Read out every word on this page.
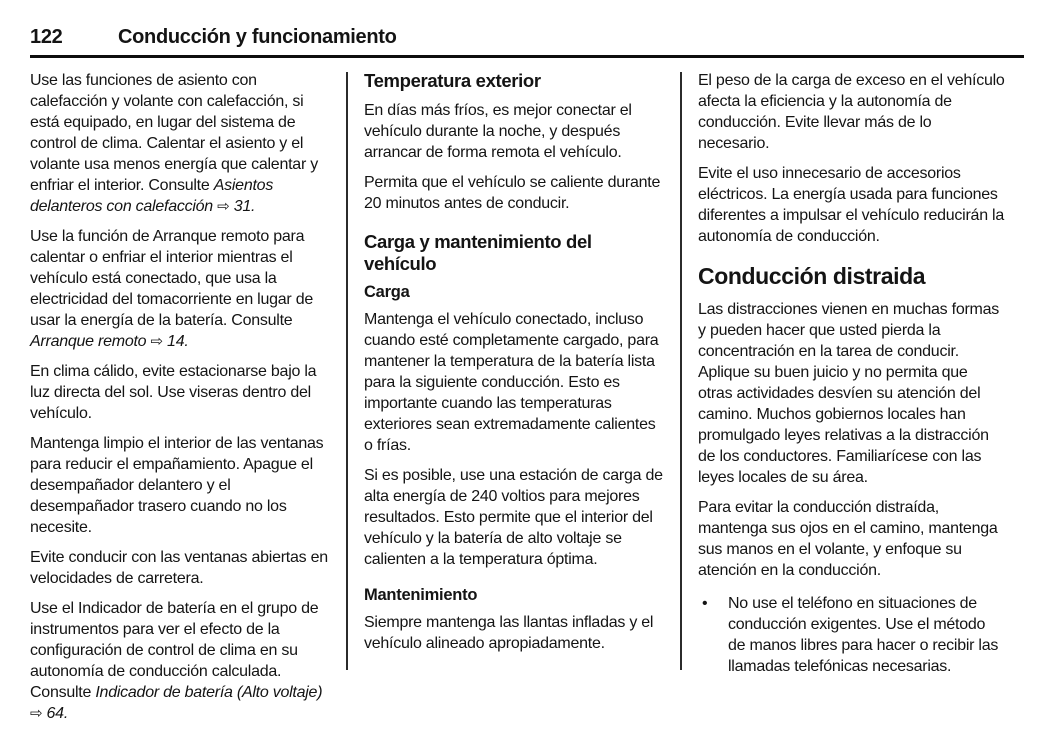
122	Conducción y funcionamiento

Use las funciones de asiento con calefacción y volante con calefacción, si está equipado, en lugar del sistema de control de clima. Calentar el asiento y el volante usa menos energía que calentar y enfriar el interior. Consulte Asientos delanteros con calefacción ⇨ 31.

Use la función de Arranque remoto para calentar o enfriar el interior mientras el vehículo está conectado, que usa la electricidad del tomacorriente en lugar de usar la energía de la batería. Consulte Arranque remoto ⇨ 14.

En clima cálido, evite estacionarse bajo la luz directa del sol. Use viseras dentro del vehículo.

Mantenga limpio el interior de las ventanas para reducir el empañamiento. Apague el desempañador delantero y el desempañador trasero cuando no los necesite.

Evite conducir con las ventanas abiertas en velocidades de carretera.

Use el Indicador de batería en el grupo de instrumentos para ver el efecto de la configuración de control de clima en su autonomía de conducción calculada. Consulte Indicador de batería (Alto voltaje) ⇨ 64.

Temperatura exterior

En días más fríos, es mejor conectar el vehículo durante la noche, y después arrancar de forma remota el vehículo.

Permita que el vehículo se caliente durante 20 minutos antes de conducir.

Carga y mantenimiento del vehículo
Carga

Mantenga el vehículo conectado, incluso cuando esté completamente cargado, para mantener la temperatura de la batería lista para la siguiente conducción. Esto es importante cuando las temperaturas exteriores sean extremadamente calientes o frías.

Si es posible, use una estación de carga de alta energía de 240 voltios para mejores resultados. Esto permite que el interior del vehículo y la batería de alto voltaje se calienten a la temperatura óptima.

Mantenimiento

Siempre mantenga las llantas infladas y el vehículo alineado apropiadamente.

El peso de la carga de exceso en el vehículo afecta la eficiencia y la autonomía de conducción. Evite llevar más de lo necesario.

Evite el uso innecesario de accesorios eléctricos. La energía usada para funciones diferentes a impulsar el vehículo reducirán la autonomía de conducción.

Conducción distraida

Las distracciones vienen en muchas formas y pueden hacer que usted pierda la concentración en la tarea de conducir. Aplique su buen juicio y no permita que otras actividades desvíen su atención del camino. Muchos gobiernos locales han promulgado leyes relativas a la distracción de los conductores. Familiarícese con las leyes locales de su área.

Para evitar la conducción distraída, mantenga sus ojos en el camino, mantenga sus manos en el volante, y enfoque su atención en la conducción.

•	No use el teléfono en situaciones de conducción exigentes. Use el método de manos libres para hacer o recibir las llamadas telefónicas necesarias.
